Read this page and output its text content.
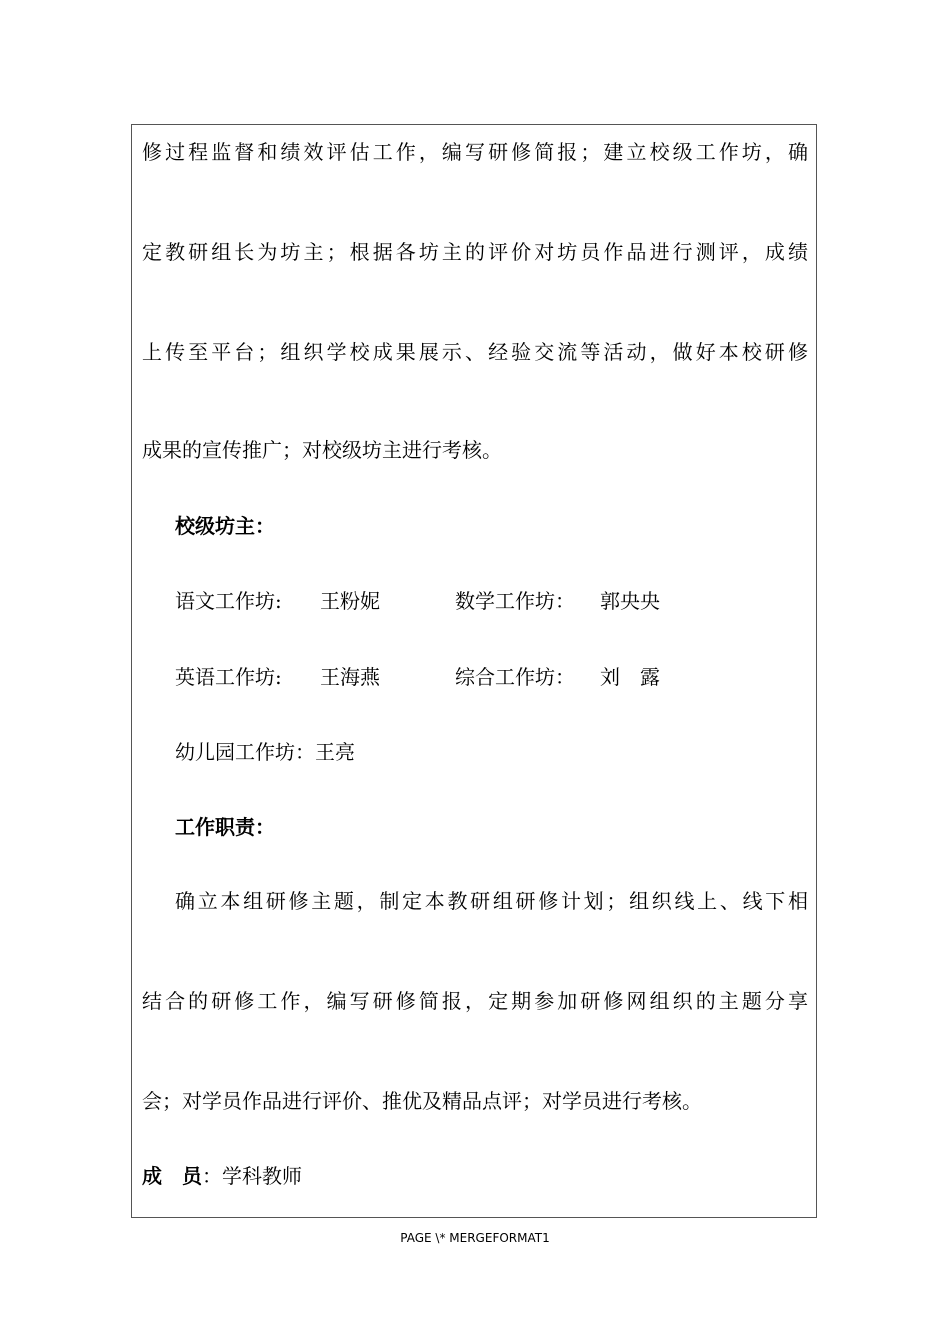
修过程监督和绩效评估工作，编写研修简报；建立校级工作坊，确
定教研组长为坊主；根据各坊主的评价对坊员作品进行测评，成绩
上传至平台；组织学校成果展示、经验交流等活动，做好本校研修
成果的宣传推广；对校级坊主进行考核。
校级坊主：
语文工作坊: 王粉妮	数学工作坊： 郭央央
英语工作坊: 王海燕	综合工作坊： 刘　露
幼儿园工作坊：王亮
工作职责：
确立本组研修主题，制定本教研组研修计划；组织线上、线下相
结合的研修工作，编写研修简报，定期参加研修网组织的主题分享
会；对学员作品进行评价、推优及精品点评；对学员进行考核。
成　员：学科教师
PAGE \* MERGEFORMAT1
